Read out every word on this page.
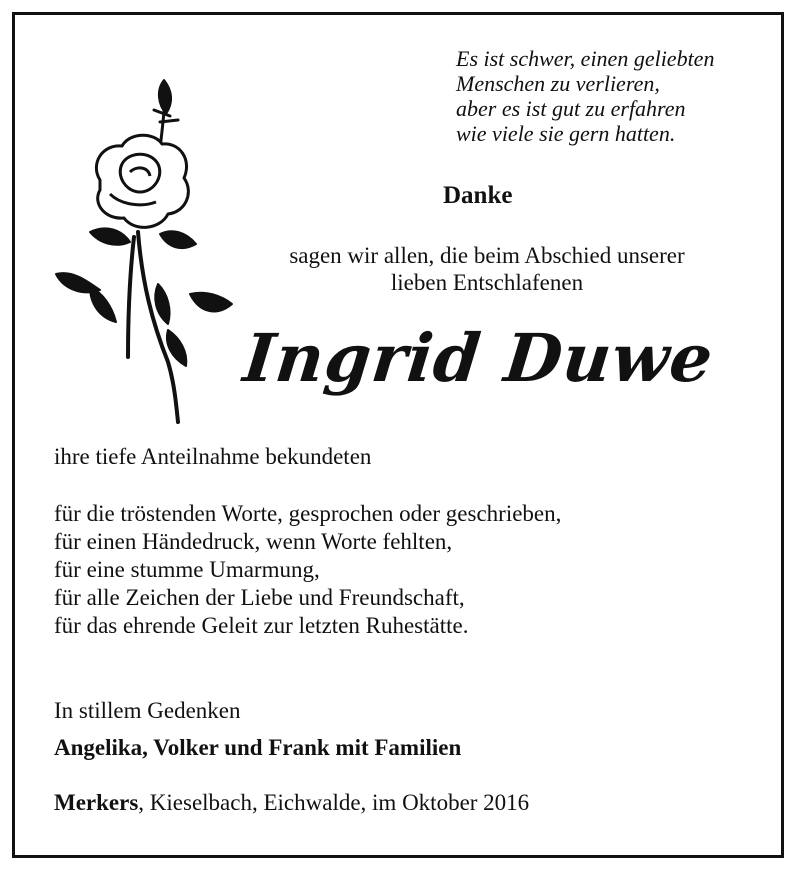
Es ist schwer, einen geliebten
Menschen zu verlieren,
aber es ist gut zu erfahren
wie viele sie gern hatten.
Danke
sagen wir allen, die beim Abschied unserer
lieben Entschlafenen
Ingrid Duwe
ihre tiefe Anteilnahme bekundeten
für die tröstenden Worte, gesprochen oder geschrieben,
für einen Händedruck, wenn Worte fehlten,
für eine stumme Umarmung,
für alle Zeichen der Liebe und Freundschaft,
für das ehrende Geleit zur letzten Ruhestätte.
In stillem Gedenken
Angelika, Volker und Frank mit Familien
Merkers, Kieselbach, Eichwalde, im Oktober 2016
